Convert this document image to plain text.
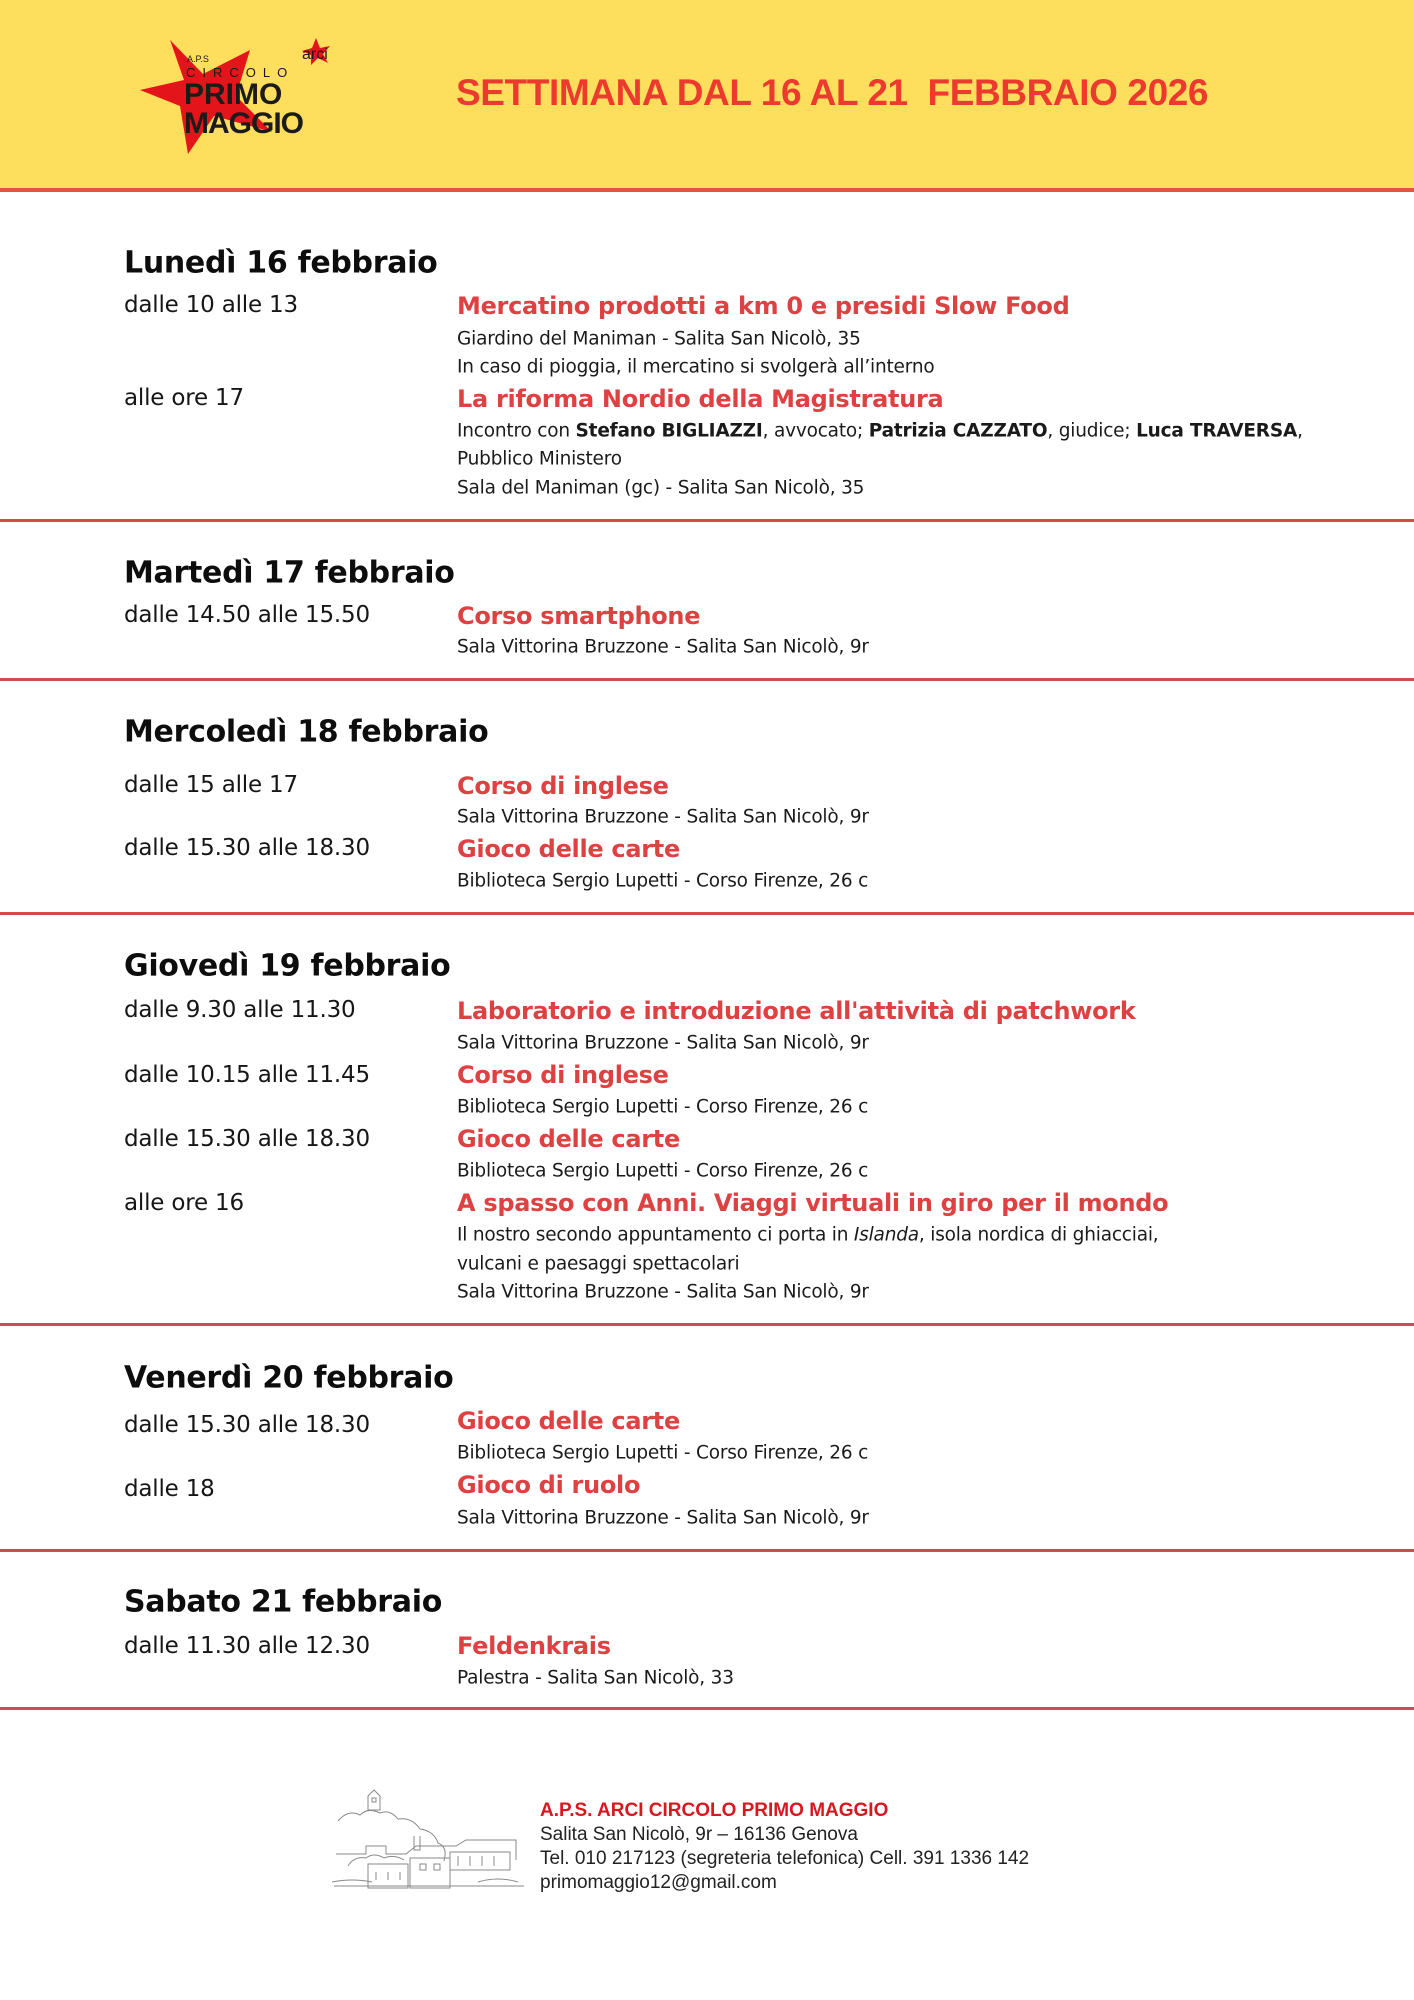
A.P.S
CIRCOLO
PRIMO
MAGGIO
arci
SETTIMANA DAL 16 AL 21  FEBBRAIO 2026
Lunedì 16 febbraio
dalle 10 alle 13	Mercatino prodotti a km 0 e presidi Slow Food
Giardino del Maniman - Salita San Nicolò, 35
In caso di pioggia, il mercatino si svolgerà all’interno
alle ore 17	La riforma Nordio della Magistratura
Incontro con Stefano BIGLIAZZI, avvocato; Patrizia CAZZATO, giudice; Luca TRAVERSA,
Pubblico Ministero
Sala del Maniman (gc) - Salita San Nicolò, 35
Martedì 17 febbraio
dalle 14.50 alle 15.50	Corso smartphone
Sala Vittorina Bruzzone - Salita San Nicolò, 9r
Mercoledì 18 febbraio
dalle 15 alle 17	Corso di inglese
Sala Vittorina Bruzzone - Salita San Nicolò, 9r
dalle 15.30 alle 18.30	Gioco delle carte
Biblioteca Sergio Lupetti - Corso Firenze, 26 c
Giovedì 19 febbraio
dalle 9.30 alle 11.30	Laboratorio e introduzione all'attività di patchwork
Sala Vittorina Bruzzone - Salita San Nicolò, 9r
dalle 10.15 alle 11.45	Corso di inglese
Biblioteca Sergio Lupetti - Corso Firenze, 26 c
dalle 15.30 alle 18.30	Gioco delle carte
Biblioteca Sergio Lupetti - Corso Firenze, 26 c
alle ore 16	A spasso con Anni. Viaggi virtuali in giro per il mondo
Il nostro secondo appuntamento ci porta in Islanda, isola nordica di ghiacciai,
vulcani e paesaggi spettacolari
Sala Vittorina Bruzzone - Salita San Nicolò, 9r
Venerdì 20 febbraio
dalle 15.30 alle 18.30	Gioco delle carte
Biblioteca Sergio Lupetti - Corso Firenze, 26 c
dalle 18	Gioco di ruolo
Sala Vittorina Bruzzone - Salita San Nicolò, 9r
Sabato 21 febbraio
dalle 11.30 alle 12.30	Feldenkrais
Palestra - Salita San Nicolò, 33
A.P.S. ARCI CIRCOLO PRIMO MAGGIO
Salita San Nicolò, 9r – 16136 Genova
Tel. 010 217123 (segreteria telefonica) Cell. 391 1336 142
primomaggio12@gmail.com
